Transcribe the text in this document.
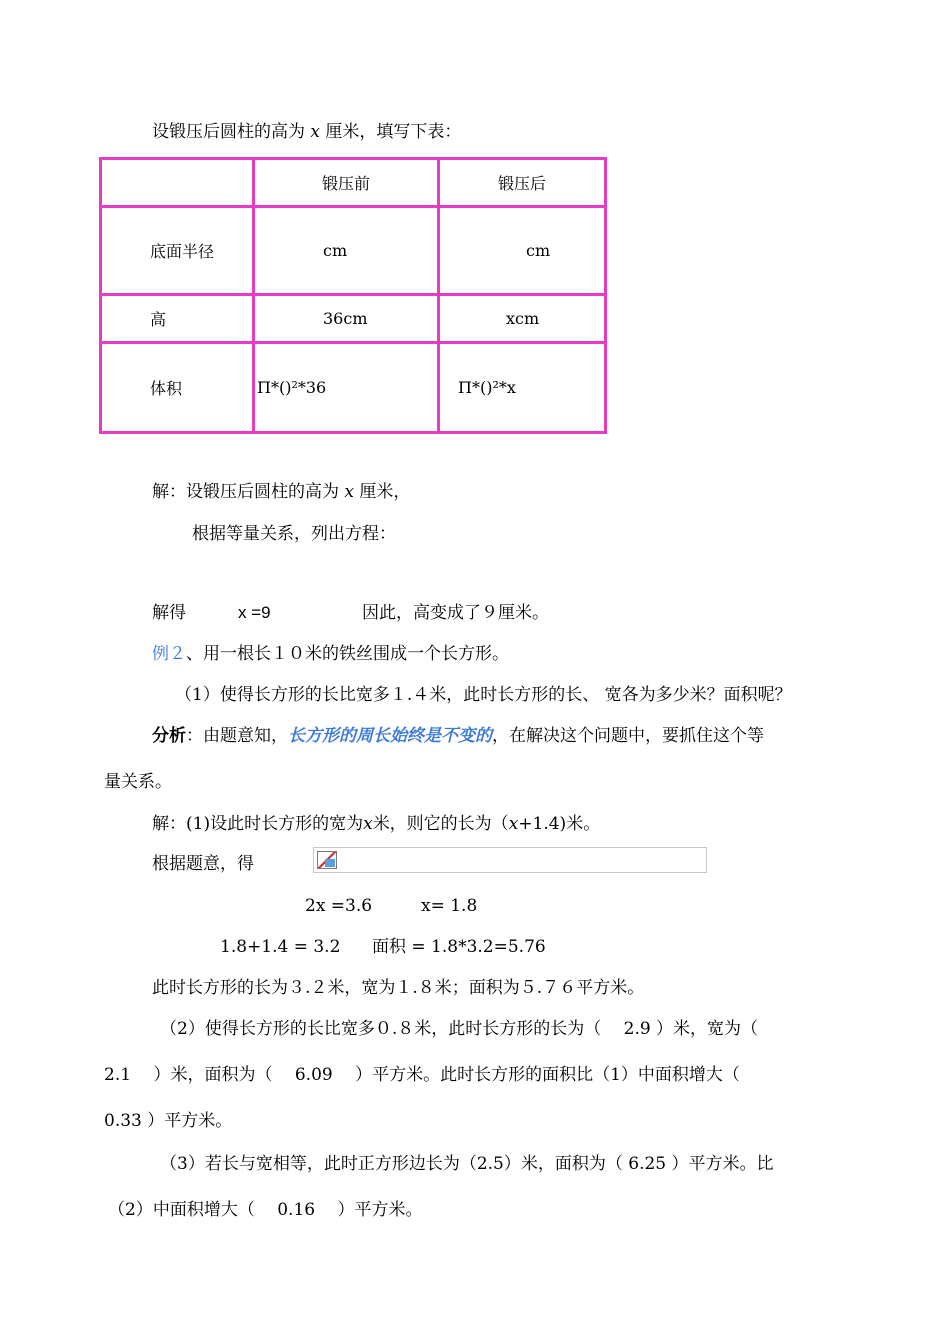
设锻压后圆柱的高为 x 厘米，填写下表：
	锻压前	锻压后
底面半径	cm	cm
高	36cm	xcm
体积	Π*()²*36	Π*()²*x
解：设锻压后圆柱的高为 x 厘米，
根据等量关系，列出方程：
解得	x =9	因此，高变成了９厘米。
例２、用一根长１０米的铁丝围成一个长方形。
（1）使得长方形的长比宽多１.４米，此时长方形的长、 宽各为多少米？面积呢？
分析：由题意知，长方形的周长始终是不变的，在解决这个问题中，要抓住这个等
量关系。
解：(1)设此时长方形的宽为x米，则它的长为（x+1.4)米。
根据题意，得
2x =3.6	x= 1.8
1.8+1.4 = 3.2 面积 = 1.8*3.2=5.76
此时长方形的长为３.２米，宽为１.８米；面积为５.７６平方米。
（2）使得长方形的长比宽多０.８米，此时长方形的长为（　 2.9 ）米，宽为（
2.1　 ）米，面积为（　 6.09　 ）平方米。此时长方形的面积比（1）中面积增大（
0.33 ）平方米。
（3）若长与宽相等，此时正方形边长为（2.5）米，面积为（ 6.25 ）平方米。比
（2）中面积增大（　 0.16　 ）平方米。
